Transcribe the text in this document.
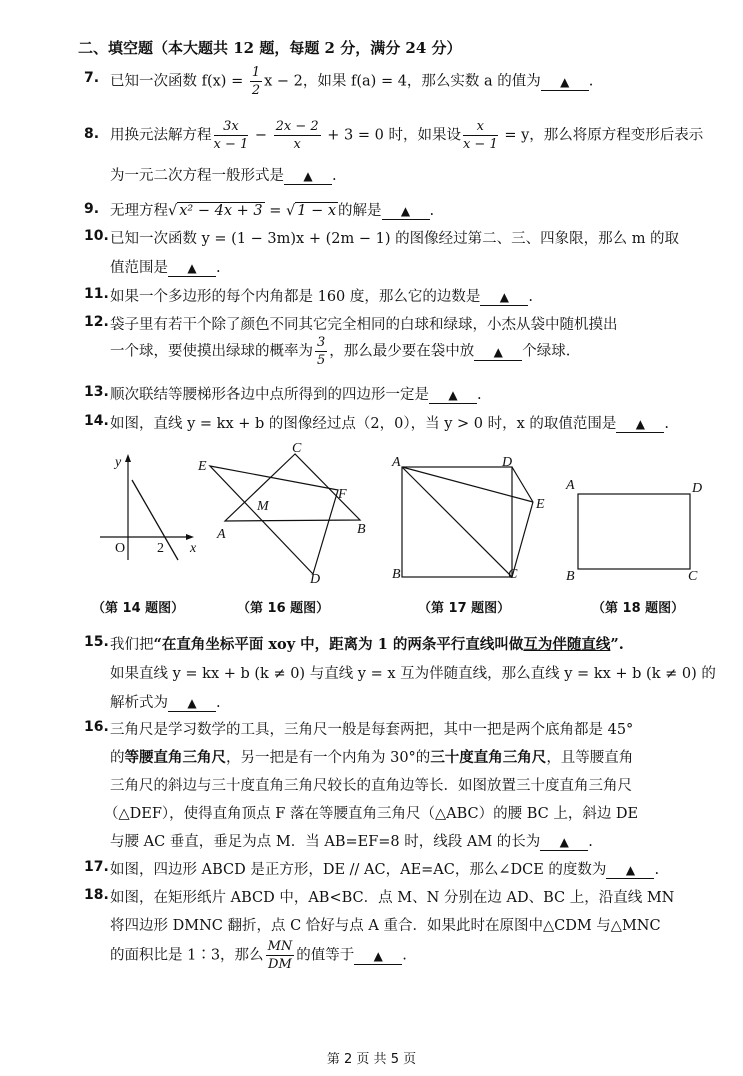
二、填空题（本大题共 12 题，每题 2 分，满分 24 分）
7. 已知一次函数 $f(x) = \frac{1}{2}$ x − 2，如果 f(a) = 4，那么实数 a 的值为 ▲ .
8. 用换元法解方程 $\frac{3x}{x - 1} - \frac{2x - 2}{x} + 3 = 0$ 时，如果设 $\frac{x}{x - 1} = y$，那么将原方程变形后表示
为一元二次方程一般形式是 ▲ .
9. 无理方程√ x² − 4x + 3 = √ 1 − x 的解是 ▲ .
10. 已知一次函数 y = (1 − 3m)x + (2m − 1) 的图像经过第二、三、四象限，那么 m 的取
值范围是 ▲ .
11. 如果一个多边形的每个内角都是 160 度，那么它的边数是 ▲ .
12. 袋子里有若干个除了颜色不同其它完全相同的白球和绿球，小杰从袋中随机摸出
一个球，要使摸出绿球的概率为 $\frac{3}{5}$ ，那么最少要在袋中放 ▲ 个绿球.
13. 顺次联结等腰梯形各边中点所得到的四边形一定是 ▲ .
14. 如图，直线 y = kx + b 的图像经过点（2，0），当 y > 0 时，x 的取值范围是 ▲ .
y
O 2 x
C
E
M
F
B
A
D
A	D
E
B	C
A	D
B	C
（第 14 题图）	（第 16 题图）	（第 17 题图）	（第 18 题图）
15. 我们把“在直角坐标平面 xoy 中，距离为 1 的两条平行直线叫做互为伴随直线”.
如果直线 y = kx + b (k ≠ 0) 与直线 y = x 互为伴随直线，那么直线 y = kx + b (k ≠ 0) 的
解析式为 ▲ .
16. 三角尺是学习数学的工具，三角尺一般是每套两把，其中一把是两个底角都是 45°
的等腰直角三角尺，另一把是有一个内角为 30°的三十度直角三角尺，且等腰直角
三角尺的斜边与三十度直角三角尺较长的直角边等长．如图放置三十度直角三角尺
（△DEF），使得直角顶点 F 落在等腰直角三角尺（△ABC）的腰 BC 上，斜边 DE
与腰 AC 垂直，垂足为点 M．当 AB=EF=8 时，线段 AM 的长为 ▲ .
17. 如图，四边形 ABCD 是正方形，DE // AC，AE=AC，那么∠DCE 的度数为 ▲ .
18. 如图，在矩形纸片 ABCD 中，AB<BC．点 M、N 分别在边 AD、BC 上，沿直线 MN
将四边形 DMNC 翻折，点 C 恰好与点 A 重合．如果此时在原图中△CDM 与△MNC
的面积比是 1∶3，那么 $\frac{MN}{DM}$ 的值等于 ▲ .
第 2 页 共 5 页
